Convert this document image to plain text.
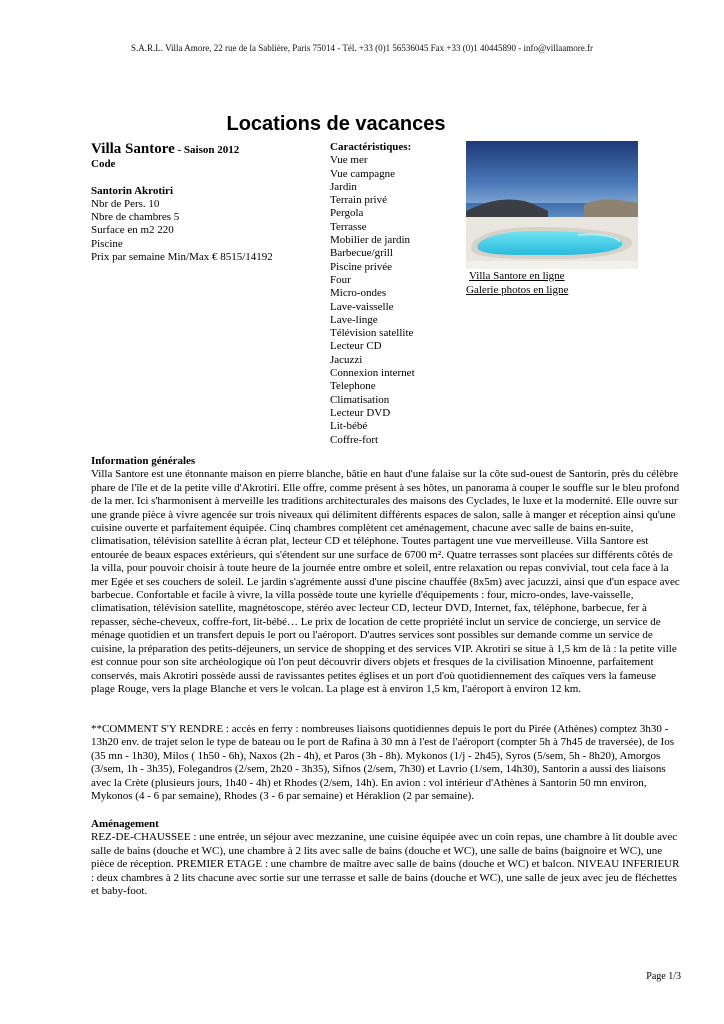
S.A.R.L. Villa Amore, 22 rue de la Sablière, Paris 75014 - Tél. +33 (0)1 56536045 Fax +33 (0)1 40445890 - info@villaamore.fr
Locations de vacances
Villa Santore - Saison 2012
Code
Santorin Akrotiri
Nbr de Pers. 10
Nbre de chambres 5
Surface en m2 220
Piscine
Prix par semaine Min/Max € 8515/14192
Caractéristiques:
Vue mer
Vue campagne
Jardin
Terrain privé
Pergola
Terrasse
Mobilier de jardin
Barbecue/grill
Piscine privée
Four
Micro-ondes
Lave-vaisselle
Lave-linge
Télévision satellite
Lecteur CD
Jacuzzi
Connexion internet
Telephone
Climatisation
Lecteur DVD
Lit-bébé
Coffre-fort
Villa Santore en ligne
Galerie photos en ligne
Information générales

Villa Santore est une étonnante maison en pierre blanche, bâtie en haut d'une falaise sur la côte sud-ouest de Santorin, près du célèbre phare de l'île et de la petite ville d'Akrotiri. Elle offre, comme présent à ses hôtes, un panorama à couper le souffle sur le bleu profond de la mer. Ici s'harmonisent à merveille les traditions architecturales des maisons des Cyclades, le luxe et la modernité. Elle ouvre sur une grande pièce à vivre agencée sur trois niveaux qui délimitent différents espaces de salon, salle à manger et réception ainsi qu'une cuisine ouverte et parfaitement équipée. Cinq chambres complètent cet aménagement, chacune avec salle de bains en-suite, climatisation, télévision satellite à écran plat, lecteur CD et téléphone. Toutes partagent une vue merveilleuse. Villa Santore est entourée de beaux espaces extérieurs, qui s'étendent sur une surface de 6700 m². Quatre terrasses sont placées sur différents côtés de la villa, pour pouvoir choisir à toute heure de la journée entre ombre et soleil, entre relaxation ou repas convivial, tout cela face à la mer Egée et ses couchers de soleil. Le jardin s'agrémente aussi d'une piscine chauffée (8x5m) avec jacuzzi, ainsi que d'un espace avec barbecue. Confortable et facile à vivre, la villa possède toute une kyrielle d'équipements : four, micro-ondes, lave-vaisselle, climatisation, télévision satellite, magnétoscope, stéréo avec lecteur CD, lecteur DVD, Internet, fax, téléphone, barbecue, fer à repasser, sèche-cheveux, coffre-fort, lit-bébé… Le prix de location de cette propriété inclut un service de concierge, un service de ménage quotidien et un transfert depuis le port ou l'aéroport. D'autres services sont possibles sur demande comme un service de cuisine, la préparation des petits-déjeuners, un service de shopping et des services VIP. Akrotiri se situe à 1,5 km de là : la petite ville est connue pour son site archéologique où l'on peut découvrir divers objets et fresques de la civilisation Minoenne, parfaitement conservés, mais Akrotiri possède aussi de ravissantes petites églises et un port d'où quotidiennement des caïques vers la fameuse plage Rouge, vers la plage Blanche et vers le volcan. La plage est à environ 1,5 km, l'aéroport à environ 12 km.

**COMMENT S'Y RENDRE : accès en ferry : nombreuses liaisons quotidiennes depuis le port du Pirée (Athènes) comptez 3h30 - 13h20 env. de trajet selon le type de bateau ou le port de Rafina à 30 mn à l'est de l'aéroport (compter 5h à 7h45 de traversée), de Ios (35 mn - 1h30), Milos ( 1h50 - 6h), Naxos (2h - 4h), et Paros (3h - 8h). Mykonos (1/j - 2h45), Syros (5/sem, 5h - 8h20), Amorgos (3/sem, 1h - 3h35), Folegandros (2/sem, 2h20 - 3h35), Sifnos (2/sem, 7h30) et Lavrio (1/sem, 14h30), Santorin a aussi des liaisons avec la Crète (plusieurs jours, 1h40 - 4h) et Rhodes (2/sem, 14h). En avion : vol intérieur d'Athènes à Santorin 50 mn environ, Mykonos (4 - 6 par semaine), Rhodes (3 - 6 par semaine) et Héraklion (2 par semaine).

Aménagement

REZ-DE-CHAUSSEE : une entrée, un séjour avec mezzanine, une cuisine équipée avec un coin repas, une chambre à lit double avec salle de bains (douche et WC), une chambre à 2 lits avec salle de bains (douche et WC), une salle de bains (baignoire et WC), une pièce de réception. PREMIER ETAGE : une chambre de maître avec salle de bains (douche et WC) et balcon. NIVEAU INFERIEUR : deux chambres à 2 lits chacune avec sortie sur une terrasse et salle de bains (douche et WC), une salle de jeux avec jeu de fléchettes et baby-foot.

Page 1/3
